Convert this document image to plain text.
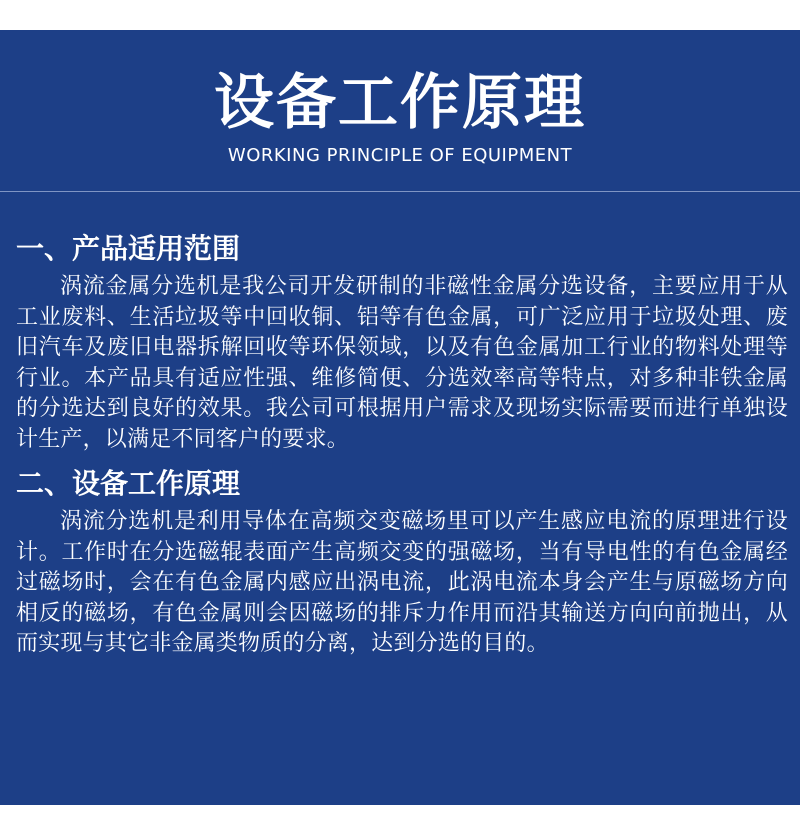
设备工作原理
WORKING PRINCIPLE OF EQUIPMENT
一、产品适用范围

涡流金属分选机是我公司开发研制的非磁性金属分选设备，主要应用于从工业废料、生活垃圾等中回收铜、铝等有色金属，可广泛应用于垃圾处理、废旧汽车及废旧电器拆解回收等环保领域，以及有色金属加工行业的物料处理等行业。本产品具有适应性强、维修简便、分选效率高等特点，对多种非铁金属的分选达到良好的效果。我公司可根据用户需求及现场实际需要而进行单独设计生产，以满足不同客户的要求。

二、设备工作原理

涡流分选机是利用导体在高频交变磁场里可以产生感应电流的原理进行设计。工作时在分选磁辊表面产生高频交变的强磁场，当有导电性的有色金属经过磁场时，会在有色金属内感应出涡电流，此涡电流本身会产生与原磁场方向相反的磁场，有色金属则会因磁场的排斥力作用而沿其输送方向向前抛出，从而实现与其它非金属类物质的分离，达到分选的目的。
